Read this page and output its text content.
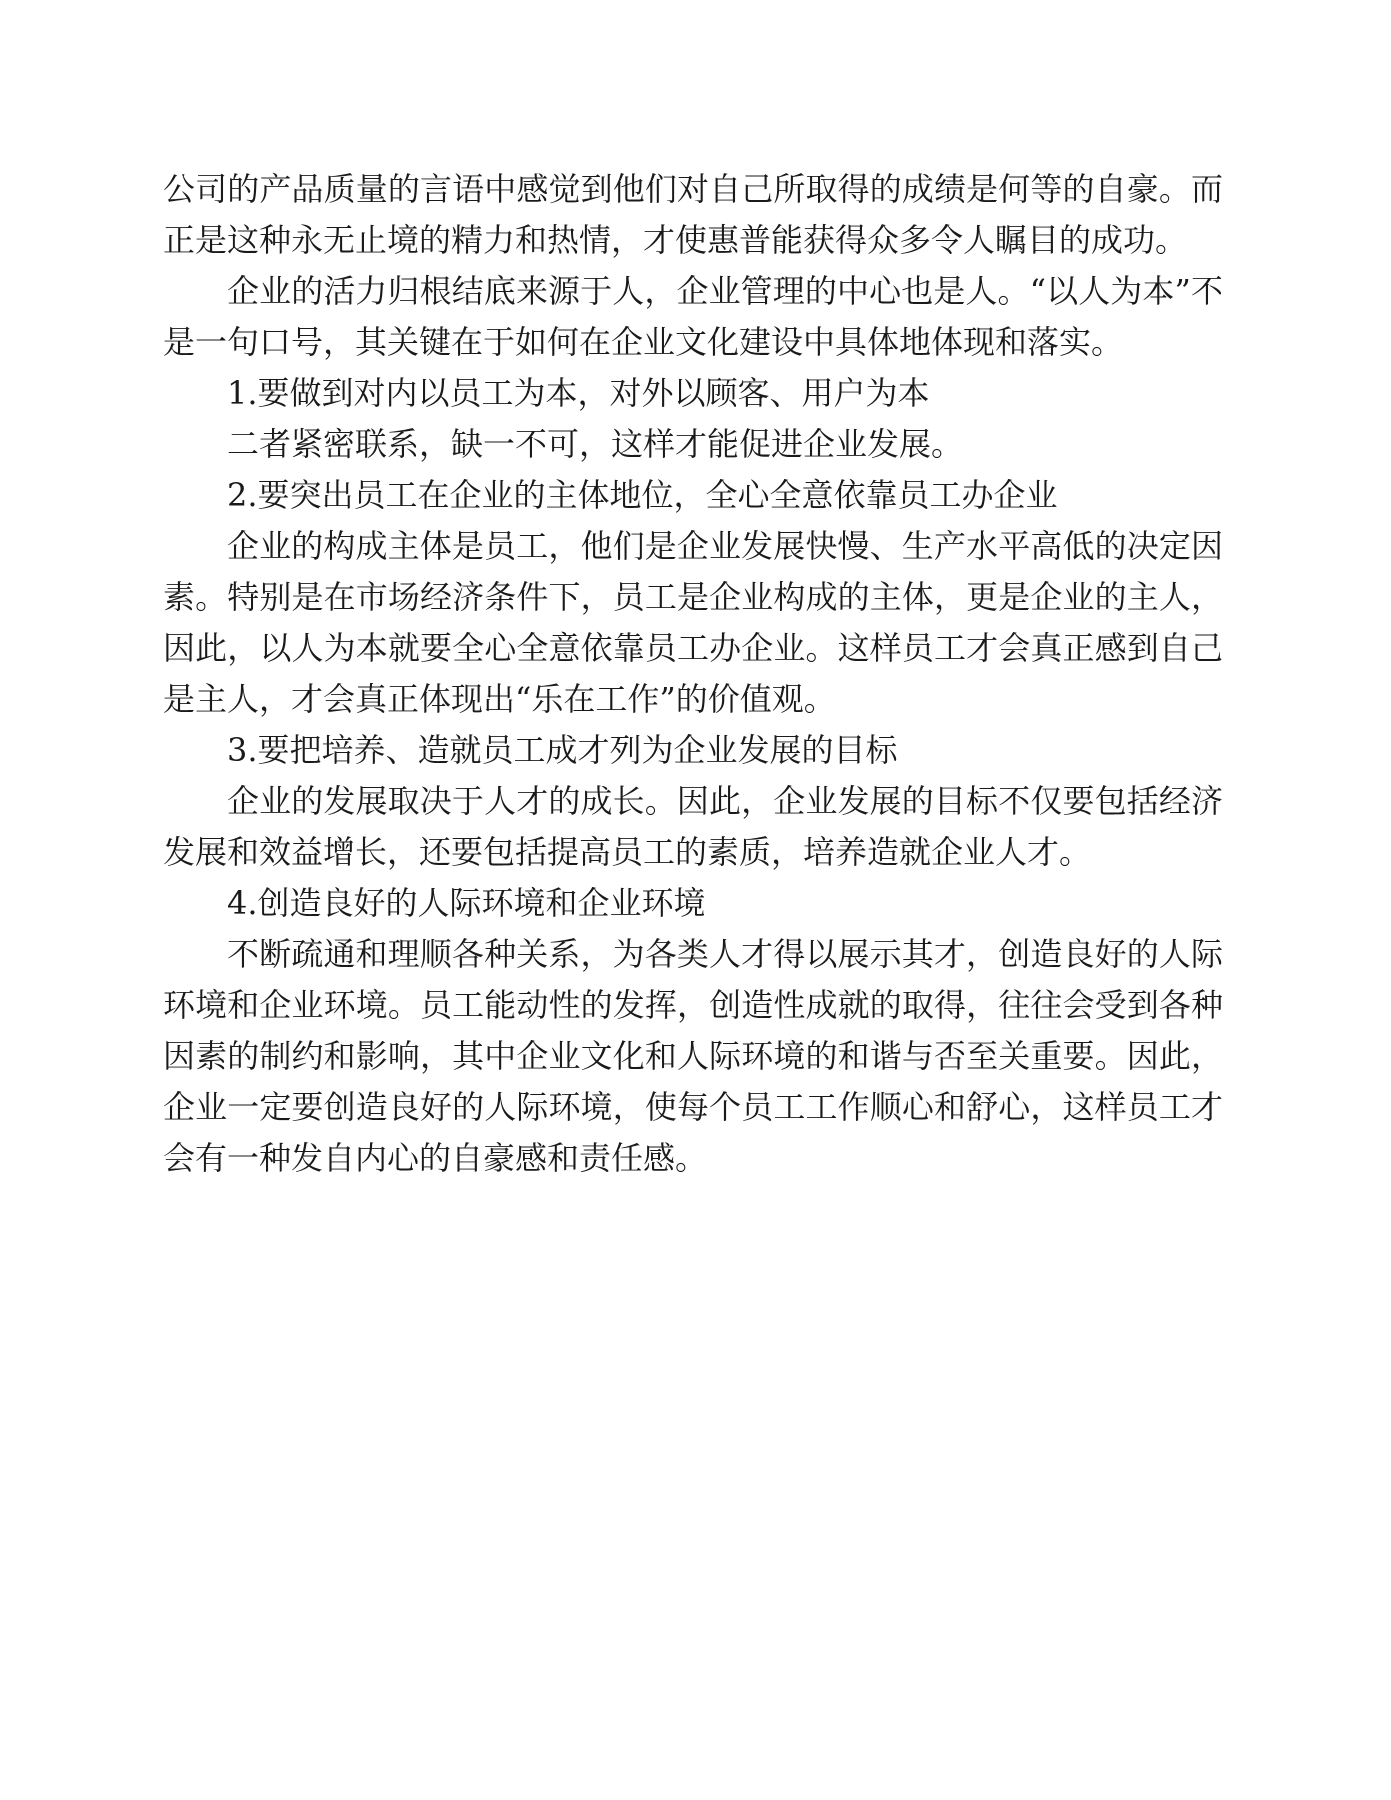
公司的产品质量的言语中感觉到他们对自己所取得的成绩是何等的自豪。而正是这种永无止境的精力和热情，才使惠普能获得众多令人瞩目的成功。

企业的活力归根结底来源于人，企业管理的中心也是人。“以人为本”不是一句口号，其关键在于如何在企业文化建设中具体地体现和落实。

1.要做到对内以员工为本，对外以顾客、用户为本

二者紧密联系，缺一不可，这样才能促进企业发展。

2.要突出员工在企业的主体地位，全心全意依靠员工办企业

企业的构成主体是员工，他们是企业发展快慢、生产水平高低的决定因素。特别是在市场经济条件下，员工是企业构成的主体，更是企业的主人，因此，以人为本就要全心全意依靠员工办企业。这样员工才会真正感到自己是主人，才会真正体现出“乐在工作”的价值观。

3.要把培养、造就员工成才列为企业发展的目标

企业的发展取决于人才的成长。因此，企业发展的目标不仅要包括经济发展和效益增长，还要包括提高员工的素质，培养造就企业人才。

4.创造良好的人际环境和企业环境

不断疏通和理顺各种关系，为各类人才得以展示其才，创造良好的人际环境和企业环境。员工能动性的发挥，创造性成就的取得，往往会受到各种因素的制约和影响，其中企业文化和人际环境的和谐与否至关重要。因此，企业一定要创造良好的人际环境，使每个员工工作顺心和舒心，这样员工才会有一种发自内心的自豪感和责任感。
